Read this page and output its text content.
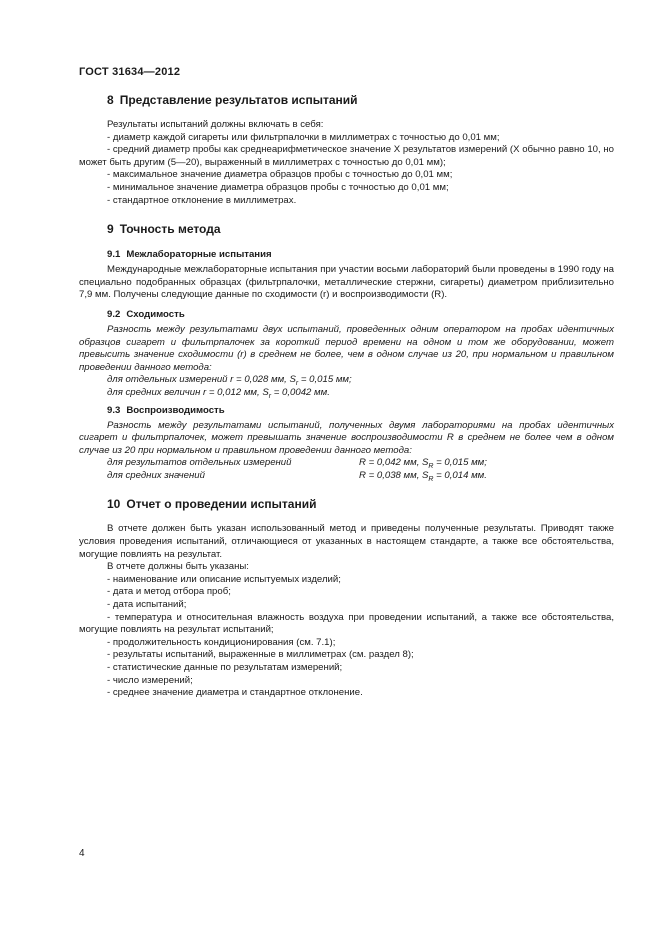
ГОСТ 31634—2012
8 Представление результатов испытаний

Результаты испытаний должны включать в себя:

- диаметр каждой сигареты или фильтрпалочки в миллиметрах с точностью до 0,01 мм;

- средний диаметр пробы как среднеарифметическое значение X результатов измерений (X обычно равно 10, но может быть другим (5—20), выраженный в миллиметрах с точностью до 0,01 мм);

- максимальное значение диаметра образцов пробы с точностью до 0,01 мм;

- минимальное значение диаметра образцов пробы с точностью до 0,01 мм;

- стандартное отклонение в миллиметрах.

9 Точность метода
9.1 Межлабораторные испытания

Международные межлабораторные испытания при участии восьми лабораторий были проведены в 1990 году на специально подобранных образцах (фильтрпалочки, металлические стержни, сигареты) диаметром приблизительно 7,9 мм. Получены следующие данные по сходимости (r) и воспроизводимости (R).

9.2 Сходимость

Разность между результатами двух испытаний, проведенных одним оператором на пробах идентичных образцов сигарет и фильтрпалочек за короткий период времени на одном и том же оборудовании, может превысить значение сходимости (r) в среднем не более, чем в одном случае из 20, при нормальном и правильном проведении данного метода:

для отдельных измерений r = 0,028 мм, $S_r = 0,015$ мм;

для средних величин r = 0,012 мм, $S_r = 0,0042$ мм.

9.3 Воспроизводимость

Разность между результатами испытаний, полученных двумя лабораториями на пробах идентичных сигарет и фильтрпалочек, может превышать значение воспроизводимости R в среднем не более чем в одном случае из 20 при нормальном и правильном проведении данного метода:

для результатов отдельных измерений	R = 0,042 мм, $S_R = 0,015$ мм;
для средних значений	R = 0,038 мм, $S_R = 0,014$ мм.
10 Отчет о проведении испытаний

В отчете должен быть указан использованный метод и приведены полученные результаты. Приводят также условия проведения испытаний, отличающиеся от указанных в настоящем стандарте, а также все обстоятельства, могущие повлиять на результат.

В отчете должны быть указаны:

- наименование или описание испытуемых изделий;

- дата и метод отбора проб;

- дата испытаний;

- температура и относительная влажность воздуха при проведении испытаний, а также все обстоятельства, могущие повлиять на результат испытаний;

- продолжительность кондиционирования (см. 7.1);

- результаты испытаний, выраженные в миллиметрах (см. раздел 8);

- статистические данные по результатам измерений;

- число измерений;

- среднее значение диаметра и стандартное отклонение.

4
